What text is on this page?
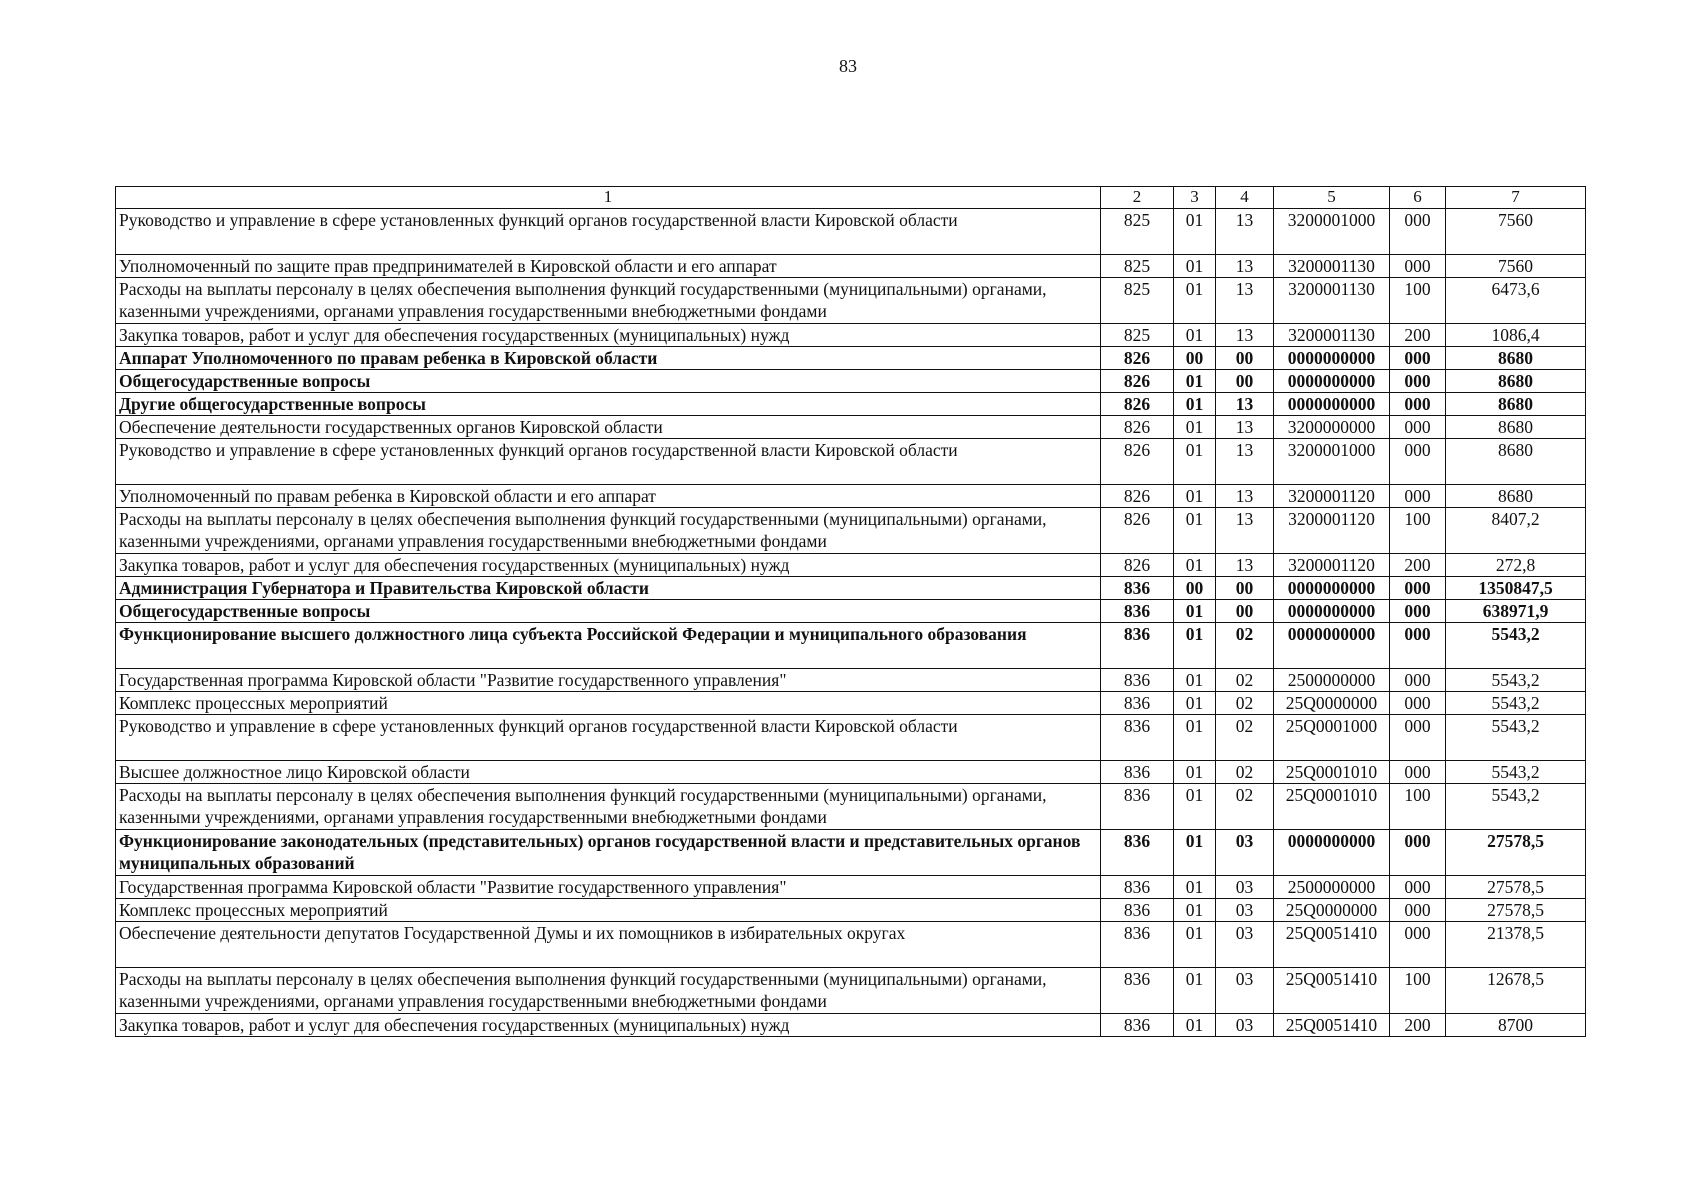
83
1	2	3	4	5	6	7
Руководство и управление в сфере установленных функций органов государственной власти Кировской области	825	01	13	3200001000	000	7560
Уполномоченный по защите прав предпринимателей в Кировской области и его аппарат	825	01	13	3200001130	000	7560
Расходы на выплаты персоналу в целях обеспечения выполнения функций государственными (муниципальными) органами, казенными учреждениями, органами управления государственными внебюджетными фондами	825	01	13	3200001130	100	6473,6
Закупка товаров, работ и услуг для обеспечения государственных (муниципальных) нужд	825	01	13	3200001130	200	1086,4
Аппарат Уполномоченного по правам ребенка в Кировской области	826	00	00	0000000000	000	8680
Общегосударственные вопросы	826	01	00	0000000000	000	8680
Другие общегосударственные вопросы	826	01	13	0000000000	000	8680
Обеспечение деятельности государственных органов Кировской области	826	01	13	3200000000	000	8680
Руководство и управление в сфере установленных функций органов государственной власти Кировской области	826	01	13	3200001000	000	8680
Уполномоченный по правам ребенка в Кировской области и его аппарат	826	01	13	3200001120	000	8680
Расходы на выплаты персоналу в целях обеспечения выполнения функций государственными (муниципальными) органами, казенными учреждениями, органами управления государственными внебюджетными фондами	826	01	13	3200001120	100	8407,2
Закупка товаров, работ и услуг для обеспечения государственных (муниципальных) нужд	826	01	13	3200001120	200	272,8
Администрация Губернатора и Правительства Кировской области	836	00	00	0000000000	000	1350847,5
Общегосударственные вопросы	836	01	00	0000000000	000	638971,9
Функционирование высшего должностного лица субъекта Российской Федерации и муниципального образования	836	01	02	0000000000	000	5543,2
Государственная программа Кировской области "Развитие государственного управления"	836	01	02	2500000000	000	5543,2
Комплекс процессных мероприятий	836	01	02	25Q0000000	000	5543,2
Руководство и управление в сфере установленных функций органов государственной власти Кировской области	836	01	02	25Q0001000	000	5543,2
Высшее должностное лицо Кировской области	836	01	02	25Q0001010	000	5543,2
Расходы на выплаты персоналу в целях обеспечения выполнения функций государственными (муниципальными) органами, казенными учреждениями, органами управления государственными внебюджетными фондами	836	01	02	25Q0001010	100	5543,2
Функционирование законодательных (представительных) органов государственной власти и представительных органов муниципальных образований	836	01	03	0000000000	000	27578,5
Государственная программа Кировской области "Развитие государственного управления"	836	01	03	2500000000	000	27578,5
Комплекс процессных мероприятий	836	01	03	25Q0000000	000	27578,5
Обеспечение деятельности депутатов Государственной Думы и их помощников в избирательных округах	836	01	03	25Q0051410	000	21378,5
Расходы на выплаты персоналу в целях обеспечения выполнения функций государственными (муниципальными) органами, казенными учреждениями, органами управления государственными внебюджетными фондами	836	01	03	25Q0051410	100	12678,5
Закупка товаров, работ и услуг для обеспечения государственных (муниципальных) нужд	836	01	03	25Q0051410	200	8700
